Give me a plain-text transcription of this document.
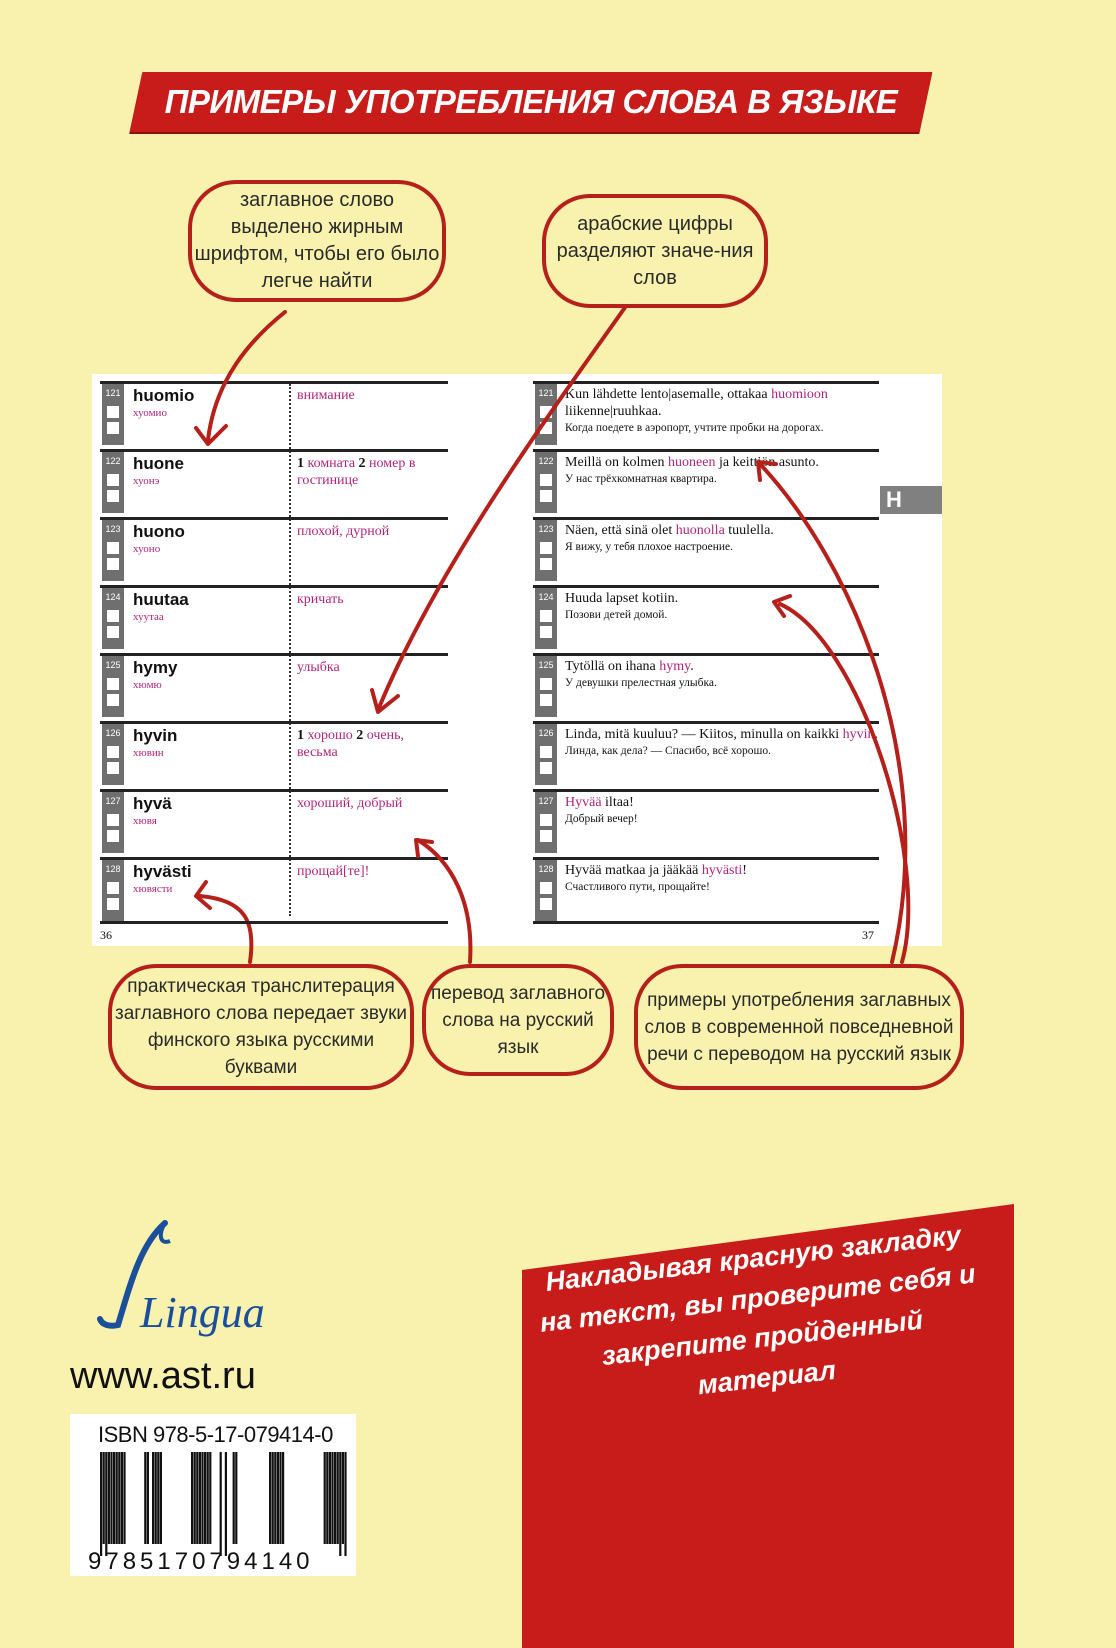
ПРИМЕРЫ УПОТРЕБЛЕНИЯ СЛОВА В ЯЗЫКЕ
121 huomio
хуомио
внимание
122 huone
хуонэ
1 комната 2 номер в гостинице
123 huono
хуоно
плохой, дурной
124 huutaa
хуутаа
кричать
125 hymy
хюмю
улыбка
126 hyvin
хювин
1 хорошо 2 очень, весьма
127 hyvä
хювя
хороший, добрый
128 hyvästi
хювясти
прощай[те]!
121 Kun lähdette lento|asemalle, ottakaa huomioon liikenne|ruuhkaa.
Когда поедете в аэропорт, учтите пробки на дорогах.
122 Meillä on kolmen huoneen ja keittiön asunto.
У нас трёхкомнатная квартира.
123 Näen, että sinä olet huonolla tuulella.
Я вижу, у тебя плохое настроение.
124 Huuda lapset kotiin.
Позови детей домой.
125 Tytöllä on ihana hymy.
У девушки прелестная улыбка.
126 Linda, mitä kuuluu? — Kiitos, minulla on kaikki hyvin.
Линда, как дела? — Спасибо, всё хорошо.
127 Hyvää iltaa!
Добрый вечер!
128 Hyvää matkaa ja jääkää hyvästi!
Счастливого пути, прощайте!
36	37
H
заглавное слово выделено жирным шрифтом, чтобы его было легче найти
арабские цифры разделяют значе-ния слов
практическая транслитерация заглавного слова передает звуки финского языка русскими буквами
перевод заглавного слова на русский язык
примеры употребления заглавных слов в современной повседневной речи с переводом на русский язык
Lingua
www.ast.ru
ISBN 978-5-17-079414-0
9785170794140
Накладывая красную закладку на текст, вы проверите себя и закрепите пройденный материал
